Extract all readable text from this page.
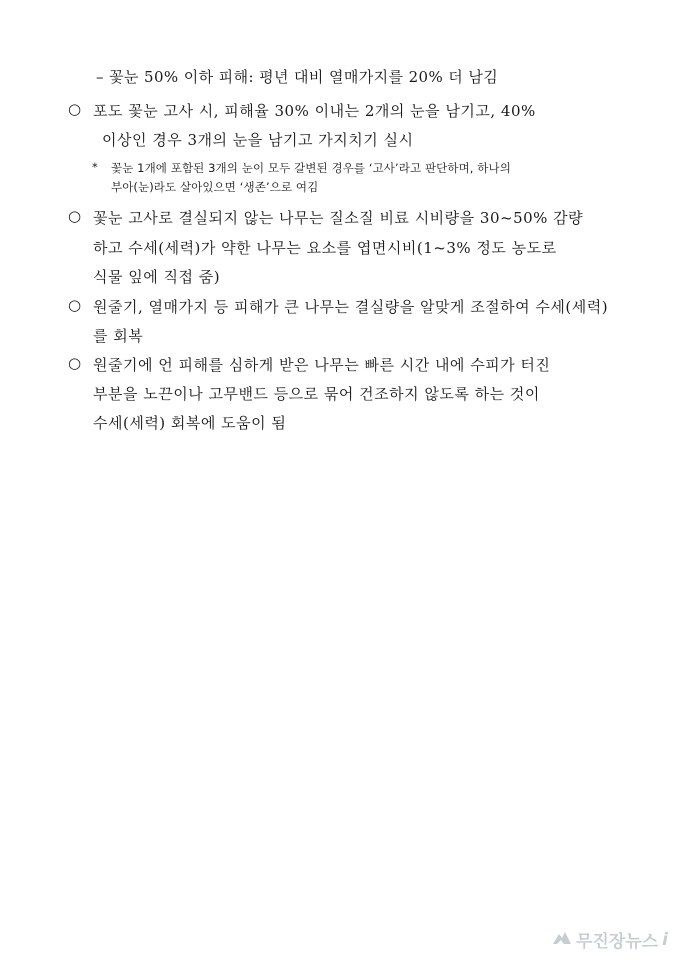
– 꽃눈 50% 이하 피해: 평년 대비 열매가지를 20% 더 남김
○ 포도 꽃눈 고사 시, 피해율 30% 이내는 2개의 눈을 남기고, 40%
이상인 경우 3개의 눈을 남기고 가지치기 실시
* 꽃눈 1개에 포함된 3개의 눈이 모두 갈변된 경우를 ‘고사’라고 판단하며, 하나의
부아(눈)라도 살아있으면 ‘생존’으로 여김
○ 꽃눈 고사로 결실되지 않는 나무는 질소질 비료 시비량을 30~50% 감량
하고 수세(세력)가 약한 나무는 요소를 엽면시비(1~3% 정도 농도로
식물 잎에 직접 줌)
○ 원줄기, 열매가지 등 피해가 큰 나무는 결실량을 알맞게 조절하여 수세(세력)
를 회복
○ 원줄기에 언 피해를 심하게 받은 나무는 빠른 시간 내에 수피가 터진
부분을 노끈이나 고무밴드 등으로 묶어 건조하지 않도록 하는 것이
수세(세력) 회복에 도움이 됨
무진장뉴스 i
